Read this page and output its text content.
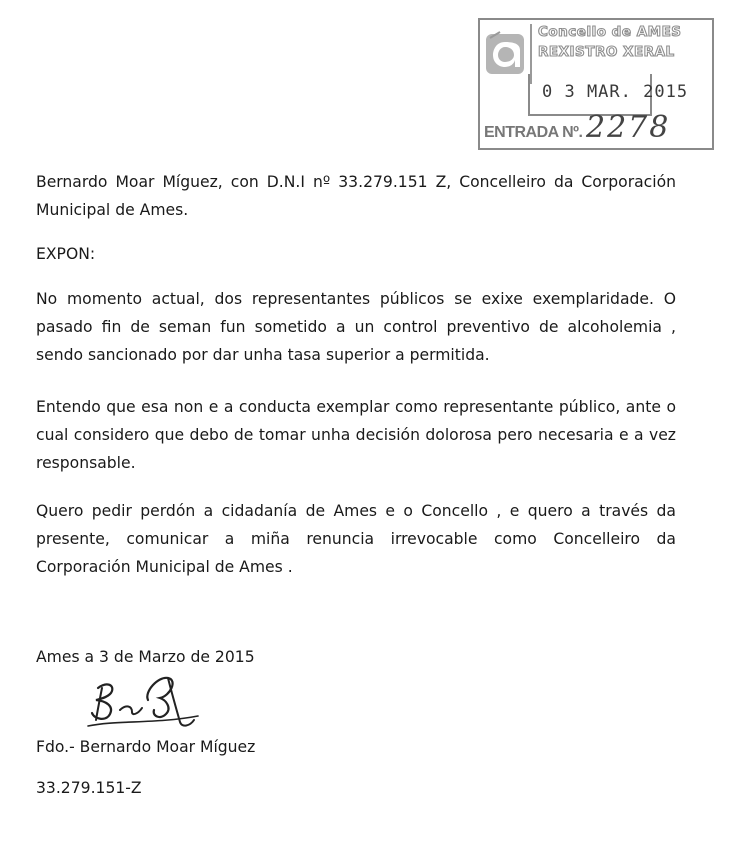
Concello de AMES
REXISTRO XERAL
0 3 MAR. 2015
ENTRADA Nº. 2278

Bernardo Moar Míguez, con D.N.I nº 33.279.151 Z, Concelleiro da Corporación Municipal de Ames.

EXPON:

No momento actual, dos representantes públicos se exixe exemplaridade. O pasado fin de seman fun sometido a un control preventivo de alcoholemia , sendo sancionado por dar unha tasa superior a permitida.

Entendo que esa non e a conducta exemplar como representante público, ante o cual considero que debo de tomar unha decisión dolorosa pero necesaria e a vez responsable.

Quero pedir perdón a cidadanía de Ames e o Concello , e quero a través da presente, comunicar a miña renuncia irrevocable como Concelleiro da Corporación Municipal de Ames .

Ames a 3 de Marzo de 2015

Fdo.- Bernardo Moar Míguez

33.279.151-Z
